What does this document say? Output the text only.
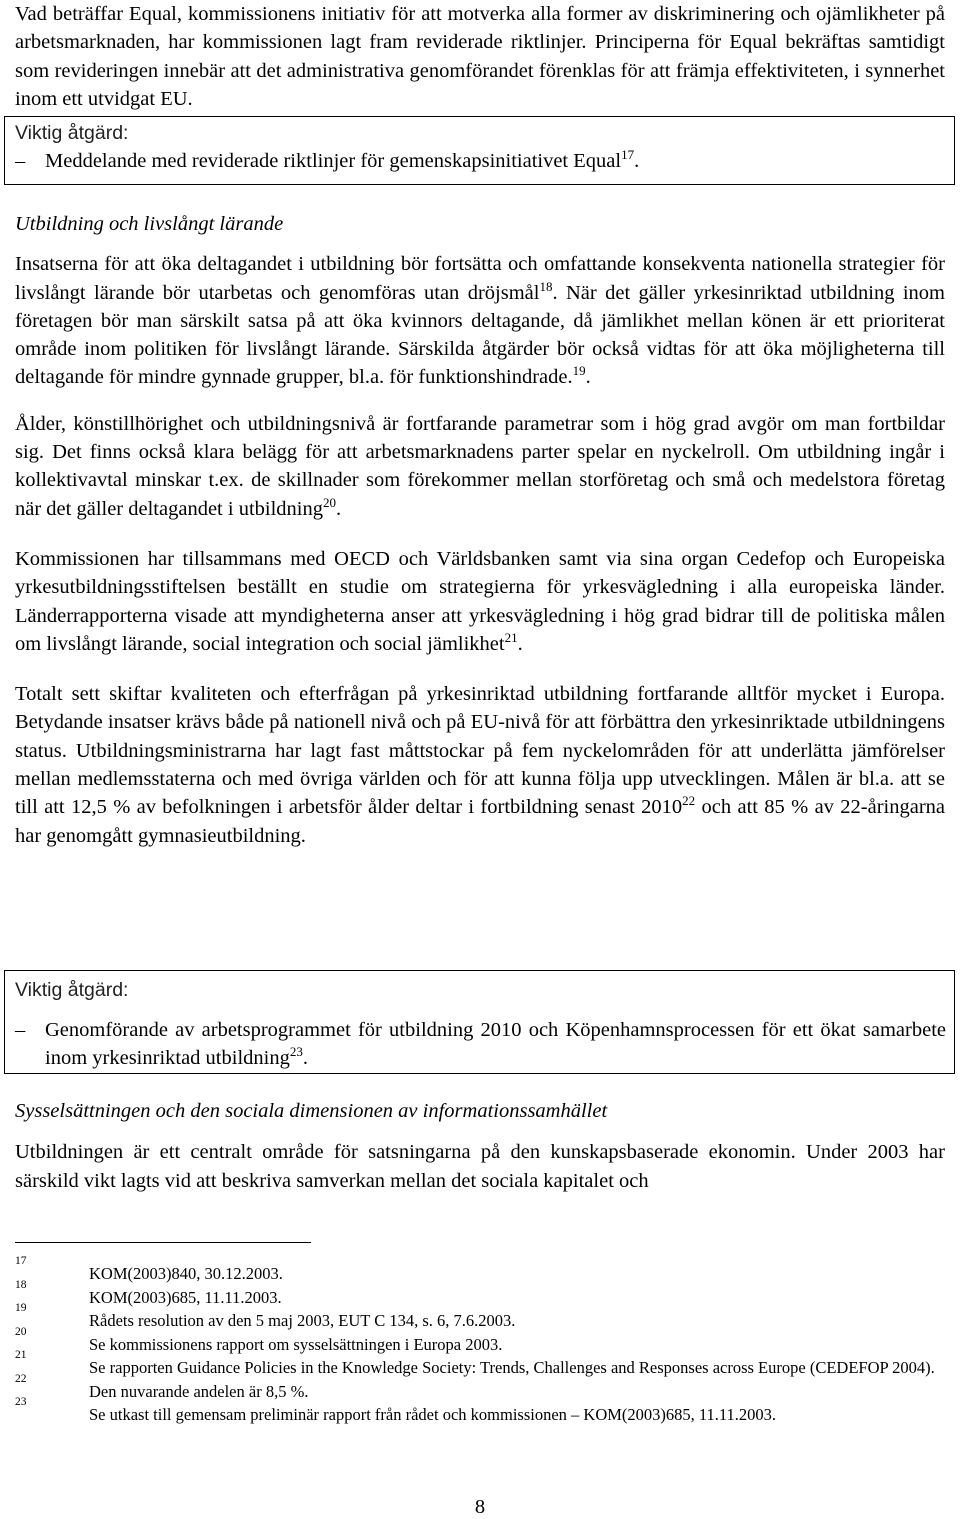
Vad beträffar Equal, kommissionens initiativ för att motverka alla former av diskriminering och ojämlikheter på arbetsmarknaden, har kommissionen lagt fram reviderade riktlinjer. Principerna för Equal bekräftas samtidigt som revideringen innebär att det administrativa genomförandet förenklas för att främja effektiviteten, i synnerhet inom ett utvidgat EU.

Viktig åtgärd:
– Meddelande med reviderade riktlinjer för gemenskapsinitiativet Equal$^{17}$.

Utbildning och livslångt lärande

Insatserna för att öka deltagandet i utbildning bör fortsätta och omfattande konsekventa nationella strategier för livslångt lärande bör utarbetas och genomföras utan dröjsmål$^{18}$. När det gäller yrkesinriktad utbildning inom företagen bör man särskilt satsa på att öka kvinnors deltagande, då jämlikhet mellan könen är ett prioriterat område inom politiken för livslångt lärande. Särskilda åtgärder bör också vidtas för att öka möjligheterna till deltagande för mindre gynnade grupper, bl.a. för funktionshindrade.$^{19}$.

Ålder, könstillhörighet och utbildningsnivå är fortfarande parametrar som i hög grad avgör om man fortbildar sig. Det finns också klara belägg för att arbetsmarknadens parter spelar en nyckelroll. Om utbildning ingår i kollektivavtal minskar t.ex. de skillnader som förekommer mellan storföretag och små och medelstora företag när det gäller deltagandet i utbildning$^{20}$.

Kommissionen har tillsammans med OECD och Världsbanken samt via sina organ Cedefop och Europeiska yrkesutbildningsstiftelsen beställt en studie om strategierna för yrkesvägledning i alla europeiska länder. Länderrapporterna visade att myndigheterna anser att yrkesvägledning i hög grad bidrar till de politiska målen om livslångt lärande, social integration och social jämlikhet$^{21}$.

Totalt sett skiftar kvaliteten och efterfrågan på yrkesinriktad utbildning fortfarande alltför mycket i Europa. Betydande insatser krävs både på nationell nivå och på EU-nivå för att förbättra den yrkesinriktade utbildningens status. Utbildningsministrarna har lagt fast måttstockar på fem nyckelområden för att underlätta jämförelser mellan medlemsstaterna och med övriga världen och för att kunna följa upp utvecklingen. Målen är bl.a. att se till att 12,5 % av befolkningen i arbetsför ålder deltar i fortbildning senast 2010$^{22}$ och att 85 % av 22-åringarna har genomgått gymnasieutbildning.

Viktig åtgärd:
– Genomförande av arbetsprogrammet för utbildning 2010 och Köpenhamnsprocessen för ett ökat samarbete inom yrkesinriktad utbildning$^{23}$.

Sysselsättningen och den sociala dimensionen av informationssamhället

Utbildningen är ett centralt område för satsningarna på den kunskapsbaserade ekonomin. Under 2003 har särskild vikt lagts vid att beskriva samverkan mellan det sociala kapitalet och

17
KOM(2003)840, 30.12.2003.
18
KOM(2003)685, 11.11.2003.
19
Rådets resolution av den 5 maj 2003, EUT C 134, s. 6, 7.6.2003.
20
Se kommissionens rapport om sysselsättningen i Europa 2003.
21
Se rapporten Guidance Policies in the Knowledge Society: Trends, Challenges and Responses across Europe (CEDEFOP 2004).
22
Den nuvarande andelen är 8,5 %.
23
Se utkast till gemensam preliminär rapport från rådet och kommissionen – KOM(2003)685, 11.11.2003.
8
